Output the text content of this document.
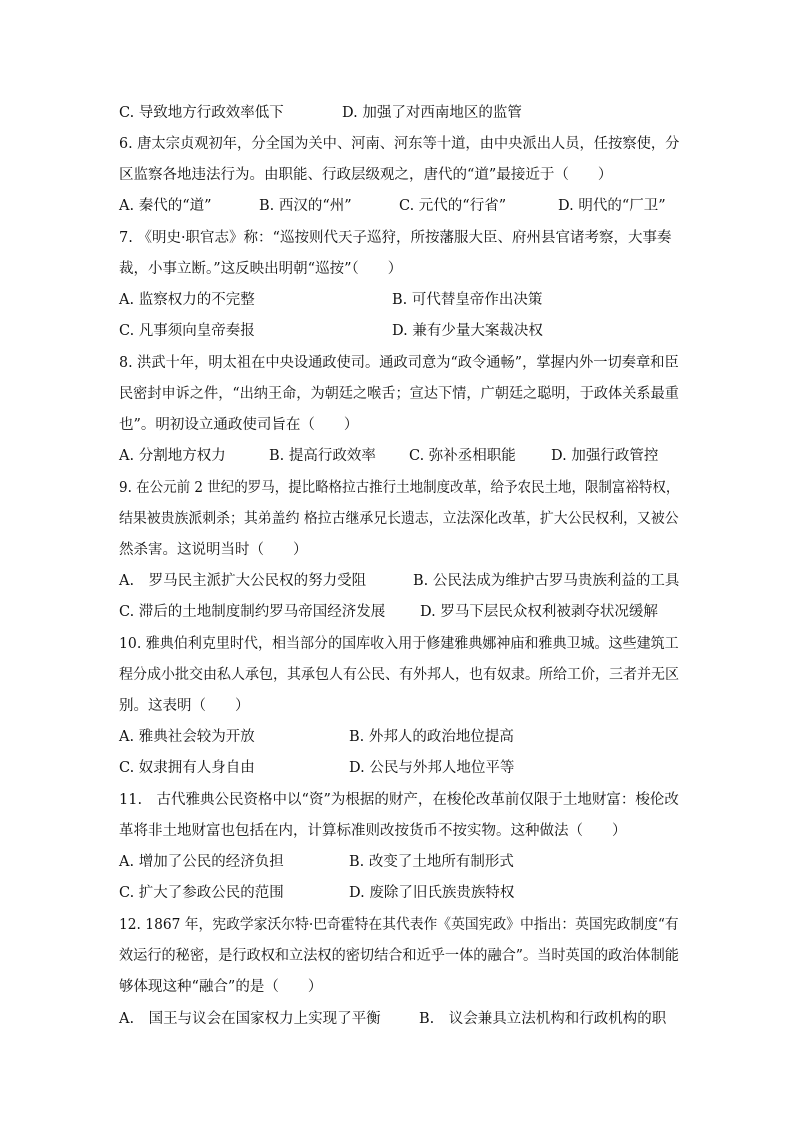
C. 导致地方行政效率低下	D. 加强了对西南地区的监管
6. 唐太宗贞观初年，分全国为关中、河南、河东等十道，由中央派出人员，任按察使，分
区监察各地违法行为。由职能、行政层级观之，唐代的“道”最接近于（　　）
A. 秦代的“道”	B. 西汉的“州”	C. 元代的“行省”	D. 明代的“厂卫”
7. 《明史·职官志》称：“巡按则代天子巡狩，所按藩服大臣、府州县官诸考察，大事奏
裁，小事立断。”这反映出明朝“巡按”（　　）
A. 监察权力的不完整	B. 可代替皇帝作出决策
C. 凡事须向皇帝奏报	D. 兼有少量大案裁决权
8. 洪武十年，明太祖在中央设通政使司。通政司意为“政令通畅”，掌握内外一切奏章和臣
民密封申诉之件，“出纳王命，为朝廷之喉舌；宣达下情，广朝廷之聪明，于政体关系最重
也”。明初设立通政使司旨在（　　）
A. 分割地方权力	B. 提高行政效率 C. 弥补丞相职能 D. 加强行政管控
9. 在公元前 2 世纪的罗马，提比略格拉古推行土地制度改革，给予农民土地，限制富裕特权，
结果被贵族派刺杀；其弟盖约 格拉古继承兄长遗志，立法深化改革，扩大公民权利，又被公
然杀害。这说明当时（　　）
A.　罗马民主派扩大公民权的努力受阻	B. 公民法成为维护古罗马贵族利益的工具
C. 滞后的土地制度制约罗马帝国经济发展 D. 罗马下层民众权利被剥夺状况缓解
10. 雅典伯利克里时代，相当部分的国库收入用于修建雅典娜神庙和雅典卫城。这些建筑工
程分成小批交由私人承包，其承包人有公民、有外邦人，也有奴隶。所给工价，三者并无区
别。这表明（　　）
A. 雅典社会较为开放	B. 外邦人的政治地位提高
C. 奴隶拥有人身自由	D. 公民与外邦人地位平等
11.　古代雅典公民资格中以“资”为根据的财产，在梭伦改革前仅限于土地财富：梭伦改
革将非土地财富也包括在内，计算标准则改按货币不按实物。这种做法（　　）
A. 增加了公民的经济负担	B. 改变了土地所有制形式
C. 扩大了参政公民的范围	D. 废除了旧氏族贵族特权
12. 1867 年，宪政学家沃尔特·巴奇霍特在其代表作《英国宪政》中指出：英国宪政制度“有
效运行的秘密，是行政权和立法权的密切结合和近乎一体的融合”。当时英国的政治体制能
够体现这种“融合”的是（　　）
A.　国王与议会在国家权力上实现了平衡	B.　议会兼具立法机构和行政机构的职
